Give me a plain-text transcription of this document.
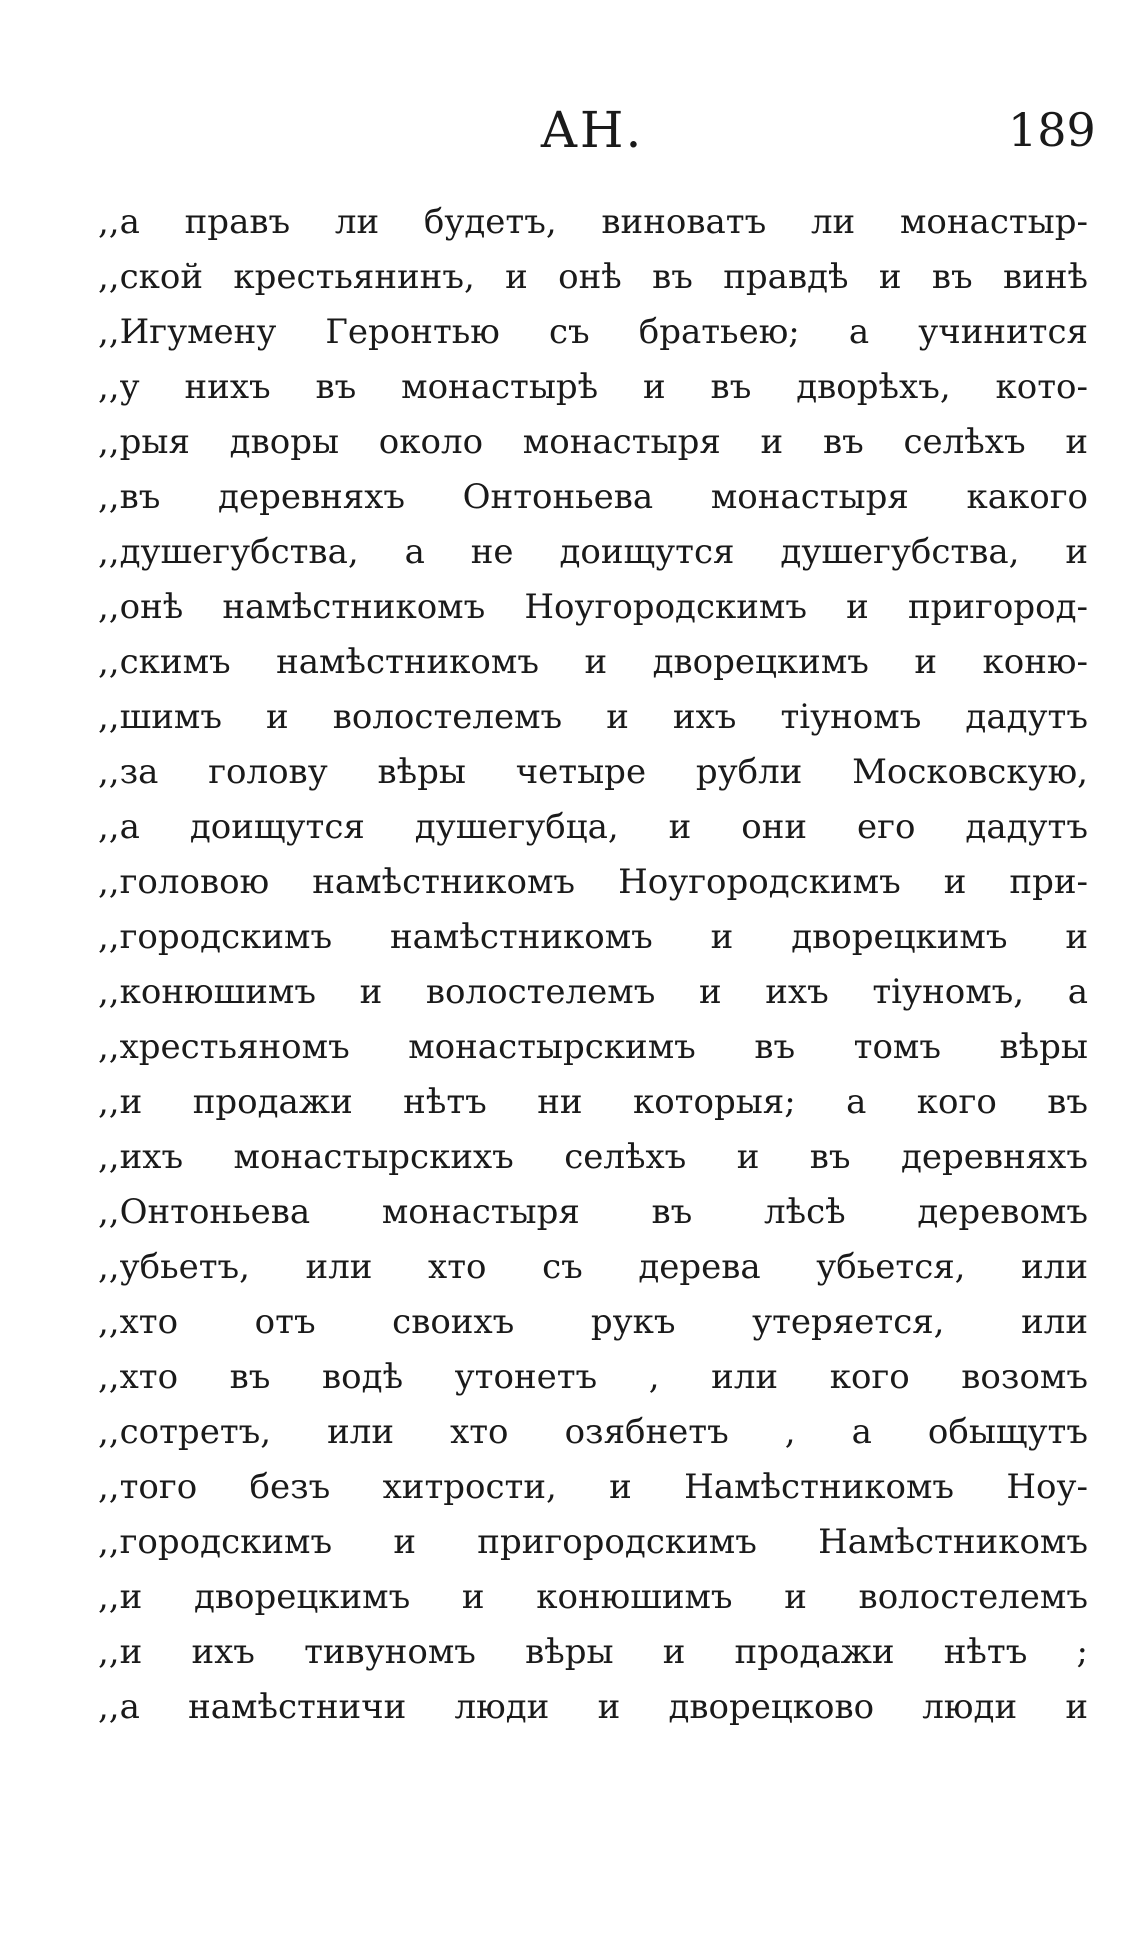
АН.	189
,,а правъ ли будетъ, виноватъ ли монастыр-
,,ской крестьянинъ, и онѣ въ правдѣ и въ винѣ
,,Игумену Геронтью съ братьею; а учинится
,,у нихъ въ монастырѣ и въ дворѣхъ, кото-
,,рыя дворы около монастыря и въ селѣхъ и
,,въ деревняхъ Онтоньева монастыря какого
,,душегубства, а не доищутся душегубства, и
,,онѣ намѣстникомъ Ноугородскимъ и пригород-
,,скимъ намѣстникомъ и дворецкимъ и коню-
,,шимъ и волостелемъ и ихъ тіуномъ дадутъ
,,за голову вѣры четыре рубли Московскую,
,,а доищутся душегубца, и они его дадутъ
,,головою намѣстникомъ Ноугородскимъ и при-
,,городскимъ намѣстникомъ и дворецкимъ и
,,конюшимъ и волостелемъ и ихъ тіуномъ, а
,,хрестьяномъ монастырскимъ въ томъ вѣры
,,и продажи нѣтъ ни которыя; а кого въ
,,ихъ монастырскихъ селѣхъ и въ деревняхъ
,,Онтоньева монастыря въ лѣсѣ деревомъ
,,убьетъ, или хто съ дерева убьется, или
,,хто отъ своихъ рукъ утеряется, или
,,хто въ водѣ утонетъ , или кого возомъ
,,сотретъ, или хто озябнетъ , а обыщутъ
,,того безъ хитрости, и Намѣстникомъ Ноу-
,,городскимъ и пригородскимъ Намѣстникомъ
,,и дворецкимъ и конюшимъ и волостелемъ
,,и ихъ тивуномъ вѣры и продажи нѣтъ ;
,,а намѣстничи люди и дворецково люди и
